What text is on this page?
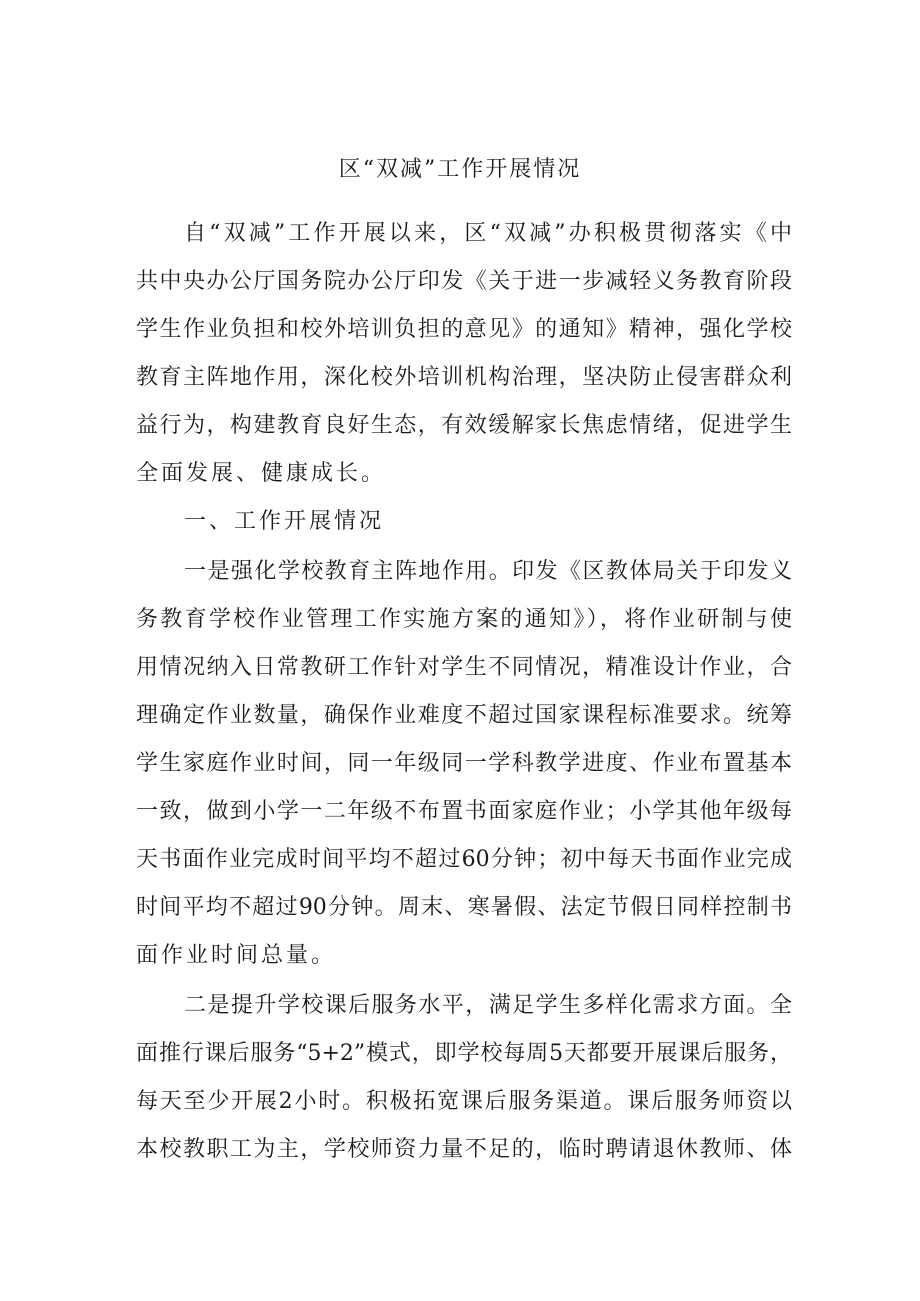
区“双减”工作开展情况
自“双减”工作开展以来，区“双减”办积极贯彻落实《中
共中央办公厅国务院办公厅印发《关于进一步减轻义务教育阶段
学生作业负担和校外培训负担的意见》的通知》精神，强化学校
教育主阵地作用，深化校外培训机构治理，坚决防止侵害群众利
益行为，构建教育良好生态，有效缓解家长焦虑情绪，促进学生
全面发展、健康成长。
一、工作开展情况
一是强化学校教育主阵地作用。印发《区教体局关于印发义
务教育学校作业管理工作实施方案的通知》），将作业研制与使
用情况纳入日常教研工作针对学生不同情况，精准设计作业，合
理确定作业数量，确保作业难度不超过国家课程标准要求。统筹
学生家庭作业时间，同一年级同一学科教学进度、作业布置基本
一致，做到小学一二年级不布置书面家庭作业；小学其他年级每
天书面作业完成时间平均不超过60分钟；初中每天书面作业完成
时间平均不超过90分钟。周末、寒暑假、法定节假日同样控制书
面作业时间总量。
二是提升学校课后服务水平，满足学生多样化需求方面。全
面推行课后服务“5+2”模式，即学校每周5天都要开展课后服务，
每天至少开展2小时。积极拓宽课后服务渠道。课后服务师资以
本校教职工为主，学校师资力量不足的，临时聘请退休教师、体
